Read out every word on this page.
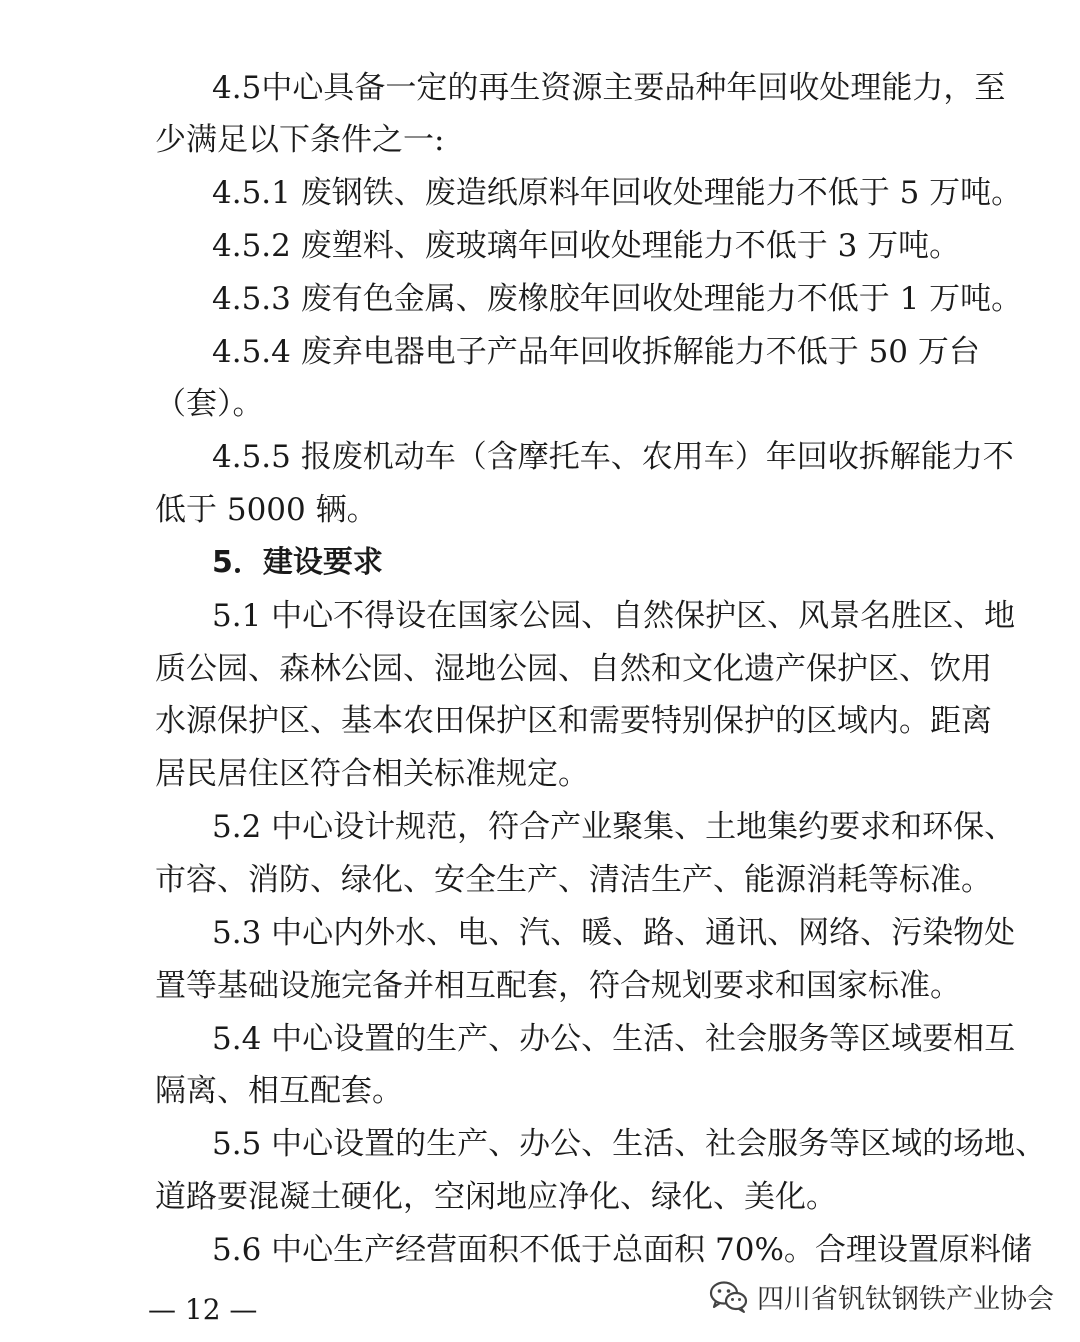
4 . 5 中 心 具 备 一 定 的 再 生 资 源 主 要 品 种 年 回 收 处 理 能 力 ， 至
少满足以下条件之一:
4.5.1 废钢铁、废造纸原料年回收处理能力不低于 5 万吨。
4.5.2 废塑料、废玻璃年回收处理能力不低于 3 万吨。
4.5.3 废有色金属、废橡胶年回收处理能力不低于 1 万吨。
4.5.4 废弃电器电子产品年回收拆解能力不低于 50 万台
（套）。
4.5.5 报废机动车（含摩托车、农用车）年回收拆解能力不
低于 5000 辆。
5．建设要求
5.1 中心不得设在国家公园、自然保护区、风景名胜区、地
质公园、森林公园、湿地公园、自然和文化遗产保护区、饮用
水源保护区、基本农田保护区和需要特别保护的区域内。距离
居民居住区符合相关标准规定。
5.2 中心设计规范，符合产业聚集、土地集约要求和环保、
市容、消防、绿化、安全生产、清洁生产、能源消耗等标准。
5.3 中心内外水、电、汽、暖、路、通讯、网络、污染物处
置等基础设施完备并相互配套，符合规划要求和国家标准。
5.4 中心设置的生产、办公、生活、社会服务等区域要相互
隔离、相互配套。
5.5 中心设置的生产、办公、生活、社会服务等区域的场地、
道路要混凝土硬化，空闲地应净化、绿化、美化。
5.6 中心生产经营面积不低于总面积 70%。合理设置原料储
— 12 —	四川省钒钛钢铁产业协会
